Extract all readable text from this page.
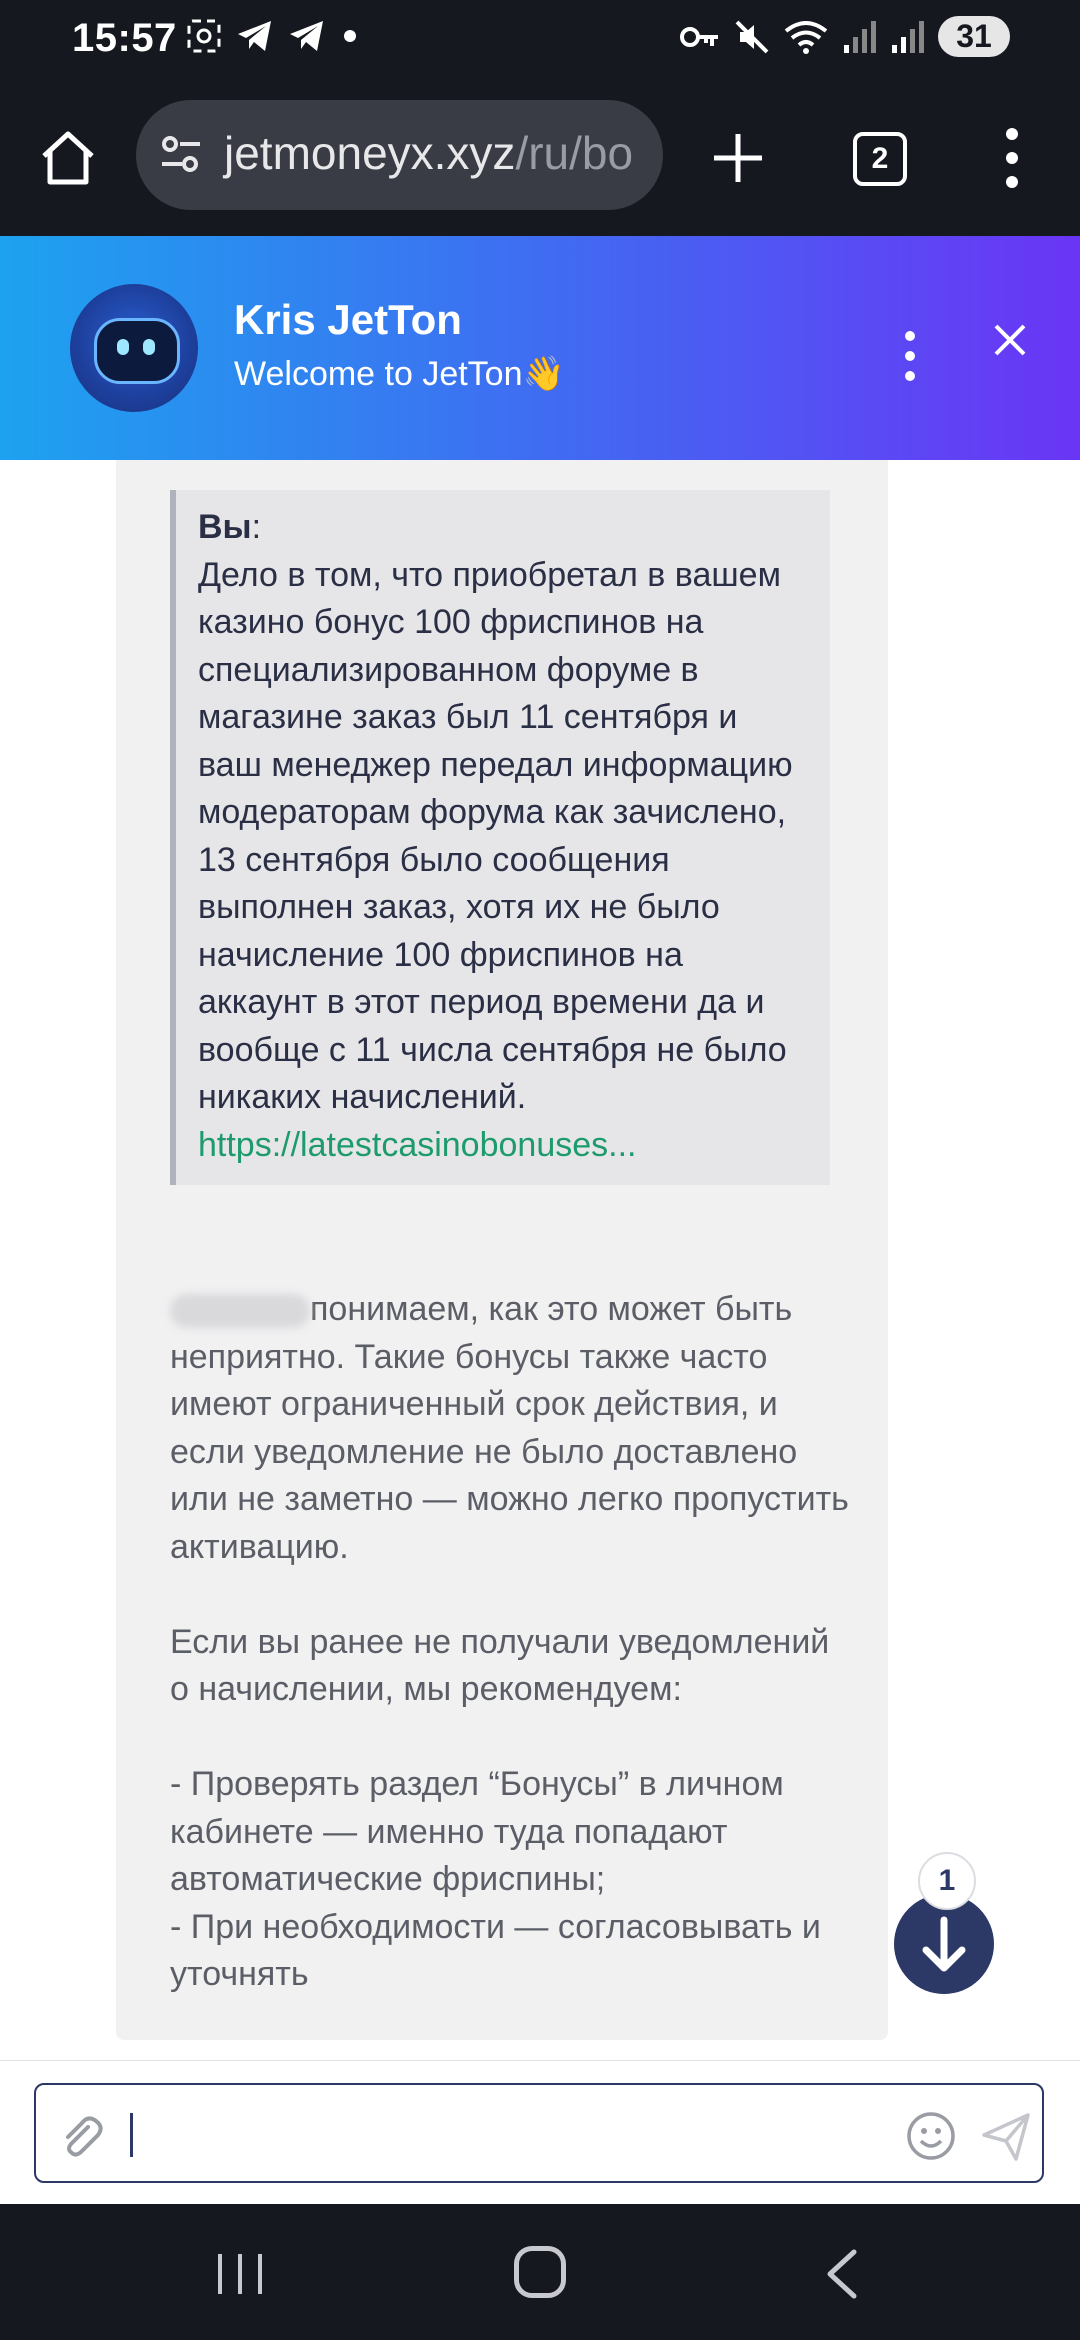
15:57	31
jetmoneyx.xyz/ru/bo	2
Kris JetTon
Welcome to JetTon👋
Вы:
Дело в том, что приобретал в вашем казино бонус 100 фриспинов на специализированном форуме в магазине заказ был 11 сентября и ваш менеджер передал информацию модераторам форума как зачислено, 13 сентября было сообщения выполнен заказ, хотя их не было начисление 100 фриспинов на аккаунт в этот период времени да и вообще с 11 числа сентября не было никаких начислений.
https://latestcasinobonuses...

понимаем, как это может быть неприятно. Такие бонусы также часто имеют ограниченный срок действия, и если уведомление не было доставлено или не заметно — можно легко пропустить активацию.

Если вы ранее не получали уведомлений о начислении, мы рекомендуем:

- Проверять раздел “Бонусы” в личном кабинете — именно туда попадают автоматические фриспины;
- При необходимости — согласовывать и уточнять

1
